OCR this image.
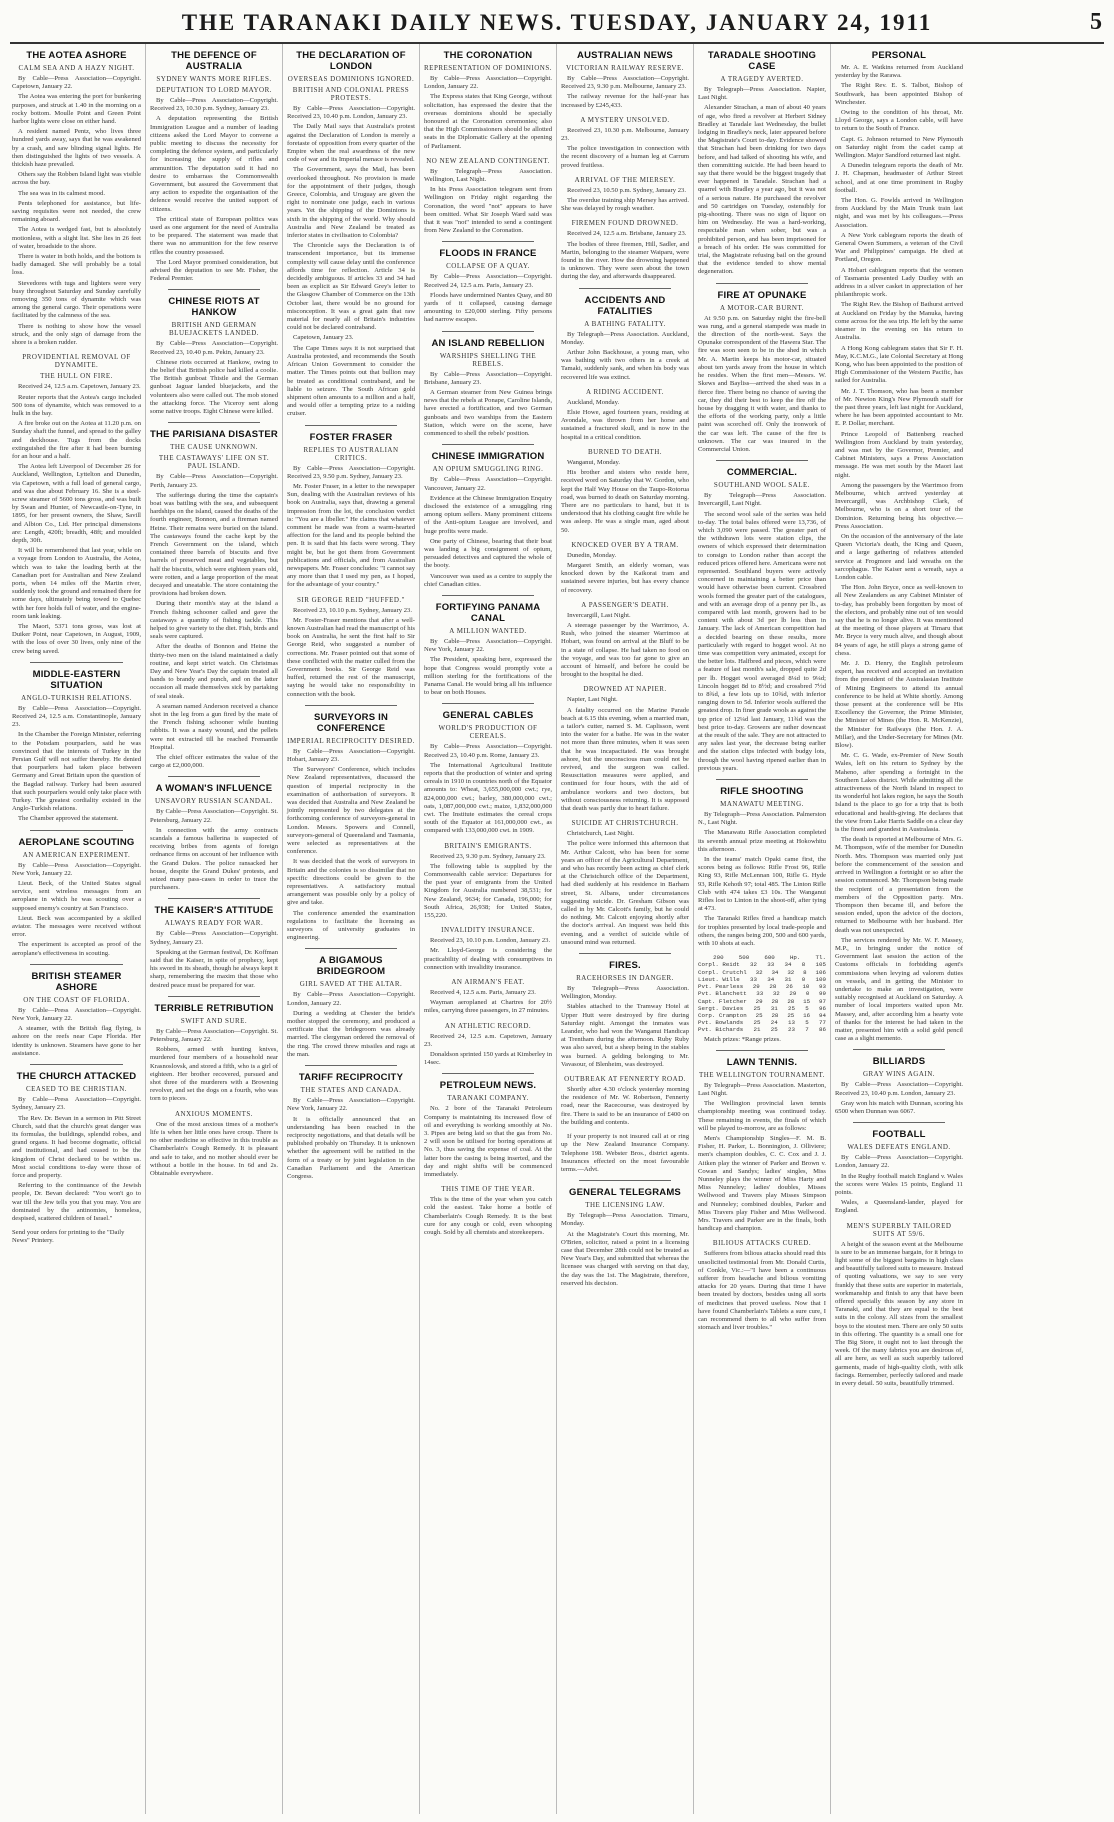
THE TARANAKI DAILY NEWS. TUESDAY, JANUARY 24, 1911	5
THE AOTEA ASHORE
CALM SEA AND A HAZY NIGHT.

By Cable—Press Association—Copyright. Capetown, January 22.

The Aotea was entering the port for bunkering purposes, and struck at 1.40 in the morning on a rocky bottom. Moulle Point and Green Point harbor lights were close on either hand.

A resident named Pentz, who lives three hundred yards away, says that he was awakened by a crash, and saw blinding signal lights. He then distinguished the lights of two vessels. A thickish haze prevailed.

Others say the Robben Island light was visible across the bay.

The sea was in its calmest mood.

Pents telephoned for assistance, but life-saving requisites were not needed, the crew remaining aboard.

The Aotea is wedged fast, but is absolutely motionless, with a slight list. She lies in 26 feet of water, broadside to the shore.

There is water in both holds, and the bottom is badly damaged. She will probably be a total loss.

Stevedores with tugs and lighters were very busy throughout Saturday and Sunday carefully removing 350 tons of dynamite which was among the general cargo. Their operations were facilitated by the calmness of the sea.

There is nothing to show how the vessel struck, and the only sign of damage from the shore is a broken rudder.

PROVIDENTIAL REMOVAL OF DYNAMITE.
THE HULL ON FIRE.

Received 24, 12.5 a.m. Capetown, January 23.

Reuter reports that the Aotea's cargo included 500 tons of dynamite, which was removed to a hulk in the bay.

A fire broke out on the Aotea at 11.20 p.m. on Sunday shaft the funnel, and spread to the galley and deckhouse. Tugs from the docks extinguished the fire after it had been burning for an hour and a half.

The Aotea left Liverpool of December 26 for Auckland, Wellington, Lyttelton and Dunedin, via Capetown, with a full load of general cargo, and was due about February 16. She is a steel-screw steamer of 5600 tons gross, and was built by Swan and Hunter, of Newcastle-on-Tyne, in 1895, for her present owners, the Shaw, Savill and Albion Co., Ltd. Her principal dimensions are: Length, 420ft; breadth, 48ft; and moulded depth, 30ft.

It will be remembered that last year, while on a voyage from London to Australia, the Aotea, which was to take the loading berth at the Canadian port for Australian and New Zealand ports, when 14 miles off the Martin river, suddenly took the ground and remained there for some days, ultimately being towed to Quebec with her fore holds full of water, and the engine-room tank leaking.

The Maori, 5371 tons gross, was lost at Duiker Point, near Capetown, in August, 1909, with the loss of over 30 lives, only nine of the crew being saved.

MIDDLE-EASTERN SITUATION
ANGLO-TURKISH RELATIONS.

By Cable—Press Association—Copyright. Received 24, 12.5 a.m. Constantinople, January 23.

In the Chamber the Foreign Minister, referring to the Potsdam pourparlers, said he was convinced that the interests of Turkey in the Persian Gulf will not suffer thereby. He denied that pourparlers had taken place between Germany and Great Britain upon the question of the Bagdad railway. Turkey had been assured that such pourparlers would only take place with Turkey. The greatest cordiality existed in the Anglo-Turkish relations.

The Chamber approved the statement.

AEROPLANE SCOUTING
AN AMERICAN EXPERIMENT.

By Cable—Press Association—Copyright. New York, January 22.

Lieut. Beck, of the United States signal service, sent wireless messages from an aeroplane in which he was scouting over a supposed enemy's country at San Francisco.

Lieut. Beck was accompanied by a skilled aviator. The messages were received without error.

The experiment is accepted as proof of the aeroplane's effectiveness in scouting.

BRITISH STEAMER ASHORE
ON THE COAST OF FLORIDA.

By Cable—Press Association—Copyright. New York, January 22.

A steamer, with the British flag flying, is ashore on the reefs near Cape Florida. Her identity is unknown. Steamers have gone to her assistance.

THE CHURCH ATTACKED
CEASED TO BE CHRISTIAN.

By Cable—Press Association—Copyright. Sydney, January 23.

The Rev. Dr. Bevan in a sermon in Pitt Street Church, said that the church's great danger was its formulas, the buildings, splendid robes, and grand organs. It had become dogmatic, official and institutional, and had ceased to be the kingdom of Christ declared to be within us. Most social conditions to-day were those of force and property.

Referring to the continuance of the Jewish people, Dr. Bevan declared: "You won't go to war till the Jew tells you that you may. You are dominated by the antinomies, homeless, despised, scattered children of Israel."

Send your orders for printing to the "Daily News" Printery.
THE DEFENCE OF AUSTRALIA
SYDNEY WANTS MORE RIFLES.
DEPUTATION TO LORD MAYOR.

By Cable—Press Association—Copyright. Received 23, 10.30 p.m. Sydney, January 23.

A deputation representing the British Immigration League and a number of leading citizens asked the Lord Mayor to convene a public meeting to discuss the necessity for completing the defence system, and particularly for increasing the supply of rifles and ammunition. The deputation said it had no desire to embarrass the Commonwealth Government, but assured the Government that any action to expedite the organisation of the defence would receive the united support of citizens.

The critical state of European politics was used as one argument for the need of Australia to be prepared. The statement was made that there was no ammunition for the few reserve rifles the country possessed.

The Lord Mayor promised consideration, but advised the deputation to see Mr. Fisher, the Federal Premier.

CHINESE RIOTS AT HANKOW
BRITISH AND GERMAN BLUEJACKETS LANDED.

By Cable—Press Association—Copyright. Received 23, 10.40 p.m. Pekin, January 23.

Chinese riots occurred at Hankow, owing to the belief that British police had killed a coolie. The British gunboat Thistle and the German gunboat Jaguar landed bluejackets, and the volunteers also were called out. The mob stoned the attacking force. The Viceroy sent along some native troops. Eight Chinese were killed.

THE PARISIANA DISASTER
THE CAUSE UNKNOWN.
THE CASTAWAYS' LIFE ON ST. PAUL ISLAND.

By Cable—Press Association—Copyright. Perth, January 23.

The sufferings during the time the captain's boat was battling with the sea, and subsequent hardships on the island, caused the deaths of the fourth engineer, Bonnon, and a fireman named Heine. Their remains were buried on the island. The castaways found the cache kept by the French Government on the island, which contained three barrels of biscuits and five barrels of preserved meat and vegetables, but half the biscuits, which were eighteen years old, were rotten, and a large proportion of the meat decayed and uneatable. The store containing the provisions had broken down.

During their month's stay at the island a French fishing schooner called and gave the castaways a quantity of fishing tackle. This helped to give variety to the diet. Fish, birds and seals were captured.

After the deaths of Bonnon and Heine the thirty-two men on the island maintained a daily routine, and kept strict watch. On Christmas Day and New Year's Day the captain treated all hands to brandy and punch, and on the latter occasion all made themselves sick by partaking of seal steak.

A seaman named Anderson received a chance shot in the leg from a gun fired by the mate of the French fishing schooner while hunting rabbits. It was a nasty wound, and the pellets were not extracted till he reached Fremantle Hospital.

The chief officer estimates the value of the cargo at £2,000,000.

A WOMAN'S INFLUENCE
UNSAVORY RUSSIAN SCANDAL.

By Cable—Press Association—Copyright. St. Petersburg, January 22.

In connection with the army contracts scandals a famous ballerina is suspected of receiving bribes from agents of foreign ordnance firms on account of her influence with the Grand Dukes. The police ransacked her house, despite the Grand Dukes' protests, and seized many pass-cases in order to trace the purchasers.

THE KAISER'S ATTITUDE
ALWAYS READY FOR WAR.

By Cable—Press Association—Copyright. Sydney, January 23.

Speaking at the German festival, Dr. Koffman said that the Kaiser, in spite of prophecy, kept his sword in its sheath, though he always kept it sharp, remembering the maxim that those who desired peace must be prepared for war.

TERRIBLE RETRIBUTION
SWIFT AND SURE.

By Cable—Press Association—Copyright. St. Petersburg, January 22.

Robbers, armed with hunting knives, murdered four members of a household near Krasnoslovsk, and stored a fifth, who is a girl of eighteen. Her brother recovered, pursued and shot three of the murderers with a Browning revolver, and set the dogs on a fourth, who was torn to pieces.

ANXIOUS MOMENTS.

One of the most anxious times of a mother's life is when her little ones have croup. There is no other medicine so effective in this trouble as Chamberlain's Cough Remedy. It is pleasant and safe to take, and no mother should ever be without a bottle in the house. In 6d and 2s. Obtainable everywhere.

THE DECLARATION OF LONDON
OVERSEAS DOMINIONS IGNORED.
BRITISH AND COLONIAL PRESS PROTESTS.

By Cable—Press Association—Copyright. Received 23, 10.40 p.m. London, January 23.

The Daily Mail says that Australia's protest against the Declaration of London is merely a foretaste of opposition from every quarter of the Empire when the real awardness of the new code of war and its Imperial menace is revealed.

The Government, says the Mail, has been overlooked throughout. No provision is made for the appointment of their judges, though Greece, Colombia, and Uruguay are given the right to nominate one judge, each in various years. Yet the shipping of the Dominions is sixth in the shipping of the world. Why should Australia and New Zealand be treated as inferior states in civilisation to Colombia?

The Chronicle says the Declaration is of transcendent importance, but its immense complexity will cause delay until the conference affords time for reflection. Article 34 is decidedly ambiguous. If articles 33 and 34 had been as explicit as Sir Edward Grey's letter to the Glasgow Chamber of Commerce on the 13th October last, there would be no ground for misconception. It was a great gain that raw material for nearly all of Britain's industries could not be declared contraband.

Capetown, January 23.

The Cape Times says it is not surprised that Australia protested, and recommends the South African Union Government to consider the matter. The Times points out that bullion may be treated as conditional contraband, and be liable to seizure. The South African gold shipment often amounts to a million and a half, and would offer a tempting prize to a raiding cruiser.

FOSTER FRASER
REPLIES TO AUSTRALIAN CRITICS.

By Cable—Press Association—Copyright. Received 23, 9.50 p.m. Sydney, January 23.

Mr. Foster Fraser, in a letter to the newspaper Sun, dealing with the Australian reviews of his book on Australia, says that, drawing a general impression from the lot, the conclusion verdict is: "You are a libeller." He claims that whatever comment he made was from a warm-hearted affection for the land and its people behind the pen. It is said that his facts were wrong. They might be, but he got them from Government publications and officials, and from Australian newspapers. Mr. Fraser concludes: "I cannot say any more than that I used my pen, as I hoped, for the advantage of your country."

SIR GEORGE REID "HUFFED."

Received 23, 10.10 p.m. Sydney, January 23.

Mr. Foster-Fraser mentions that after a well-known Australian had read the manuscript of his book on Australia, he sent the first half to Sir George Reid, who suggested a number of corrections. Mr. Fraser pointed out that some of these conflicted with the matter culled from the Government books. Sir George Reid was huffed, returned the rest of the manuscript, saying he would take no responsibility in connection with the book.

SURVEYORS IN CONFERENCE
IMPERIAL RECIPROCITY DESIRED.

By Cable—Press Association—Copyright. Hobart, January 23.

The Surveyors' Conference, which includes New Zealand representatives, discussed the question of imperial reciprocity in the examination of authorisation of surveyors. It was decided that Australia and New Zealand be jointly represented by two delegates at the forthcoming conference of surveyors-general in London. Messrs. Spowers and Connell, surveyors-general of Queensland and Tasmania, were selected as representatives at the conference.

It was decided that the work of surveyors in Britain and the colonies is so dissimilar that no specific directions could be given to the representatives. A satisfactory mutual arrangement was possible only by a policy of give and take.

The conference amended the examination regulations to facilitate the licensing as surveyors of university graduates in engineering.

A BIGAMOUS BRIDEGROOM
GIRL SAVED AT THE ALTAR.

By Cable—Press Association—Copyright. London, January 22.

During a wedding at Chester the bride's mother stopped the ceremony, and produced a certificate that the bridegroom was already married. The clergyman ordered the removal of the ring. The crowd threw missiles and rags at the man.

TARIFF RECIPROCITY
THE STATES AND CANADA.

By Cable—Press Association—Copyright. New York, January 22.

It is officially announced that an understanding has been reached in the reciprocity negotiations, and that details will be published probably on Thursday. It is unknown whether the agreement will be ratified in the form of a treaty or by joint legislation in the Canadian Parliament and the American Congress.

THE CORONATION
REPRESENTATION OF DOMINIONS.

By Cable—Press Association—Copyright. London, January 22.

The Express states that King George, without solicitation, has expressed the desire that the overseas dominions should be specially honoured at the Coronation ceremonies; also that the High Commissioners should be allotted seats in the Diplomatic Gallery at the opening of Parliament.

NO NEW ZEALAND CONTINGENT.

By Telegraph—Press Association. Wellington, Last Night.

In his Press Association telegram sent from Wellington on Friday night regarding the Coronation, the word "not" appears to have been omitted. What Sir Joseph Ward said was that it was "not" intended to send a contingent from New Zealand to the Coronation.

FLOODS IN FRANCE
COLLAPSE OF A QUAY.

By Cable—Press Association—Copyright. Received 24, 12.5 a.m. Paris, January 23.

Floods have undermined Nantes Quay, and 80 yards of it collapsed, causing damage amounting to £20,000 sterling. Fifty persons had narrow escapes.

AN ISLAND REBELLION
WARSHIPS SHELLING THE REBELS.

By Cable—Press Association—Copyright. Brisbane, January 23.

A German steamer from New Guinea brings news that the rebels at Ponape, Caroline Islands, have erected a fortification, and two German gunboats and two warships from the Eastern Station, which were on the scene, have commenced to shell the rebels' position.

CHINESE IMMIGRATION
AN OPIUM SMUGGLING RING.

By Cable—Press Association—Copyright. Vancouver, January 22.

Evidence at the Chinese Immigration Enquiry disclosed the existence of a smuggling ring among opium sellers. Many prominent citizens of the Anti-opium League are involved, and huge profits were made.

One party of Chinese, bearing that their boat was landing a big consignment of opium, persuaded detectives and captured the whole of the booty.

Vancouver was used as a centre to supply the chief Canadian cities.

FORTIFYING PANAMA CANAL
A MILLION WANTED.

By Cable—Press Association—Copyright. New York, January 22.

The President, speaking here, expressed the hope that Congress would promptly vote a million sterling for the fortifications of the Panama Canal. He would bring all his influence to bear on both Houses.

GENERAL CABLES
WORLD'S PRODUCTION OF CEREALS.

By Cable—Press Association—Copyright. Received 23, 10.40 p.m. Rome, January 23.

The International Agricultural Institute reports that the production of winter and spring cereals in 1910 in countries north of the Equator amounts to: Wheat, 3,655,000,000 cwt.; rye, 824,000,000 cwt.; barley, 380,000,000 cwt.; oats, 1,087,000,000 cwt.; maize, 1,832,000,000 cwt. The Institute estimates the cereal crops south of the Equator at 161,000,000 cwt., as compared with 133,000,000 cwt. in 1909.

BRITAIN'S EMIGRANTS.

Received 23, 9.30 p.m. Sydney, January 23.

The following table is supplied by the Commonwealth cable service: Departures for the past year of emigrants from the United Kingdom for Australia numbered 38,531; for New Zealand, 9634; for Canada, 196,000; for South Africa, 26,938; for United States, 155,220.

INVALIDITY INSURANCE.

Received 23, 10.10 p.m. London, January 23.

Mr. Lloyd-George is considering the practicability of dealing with consumptives in connection with invalidity insurance.

AN AIRMAN'S FEAT.

Received 4, 12.5 a.m. Paris, January 23.

Wayman aeroplaned at Chartres for 20½ miles, carrying three passengers, in 27 minutes.

AN ATHLETIC RECORD.

Received 24, 12.5 a.m. Capetown, January 23.

Donaldson sprinted 150 yards at Kimberley in 14sec.

PETROLEUM NEWS.
TARANAKI COMPANY.

No. 2 bore of the Taranaki Petroleum Company is maintaining its increased flow of oil and everything is working smoothly at No. 3. Pipes are being laid so that the gas from No. 2 will soon be utilised for boring operations at No. 3, thus saving the expense of coal. At the latter bore the casing is being inserted, and the day and night shifts will be commenced immediately.

THIS TIME OF THE YEAR.

This is the time of the year when you catch cold the easiest. Take home a bottle of Chamberlain's Cough Remedy. It is the best cure for any cough or cold, even whooping cough. Sold by all chemists and storekeepers.

AUSTRALIAN NEWS
VICTORIAN RAILWAY RESERVE.

By Cable—Press Association—Copyright. Received 23, 9.30 p.m. Melbourne, January 23.

The railway revenue for the half-year has increased by £245,433.

A MYSTERY UNSOLVED.

Received 23, 10.30 p.m. Melbourne, January 23.

The police investigation in connection with the recent discovery of a human leg at Carrum proved fruitless.

ARRIVAL OF THE MIERSEY.

Received 23, 10.50 p.m. Sydney, January 23.

The overdue training ship Mersey has arrived. She was delayed by rough weather.

FIREMEN FOUND DROWNED.

Received 24, 12.5 a.m. Brisbane, January 23.

The bodies of three firemen, Hill, Sadler, and Martin, belonging to the steamer Waiparu, were found in the river. How the drowning happened is unknown. They were seen about the town during the day, and afterwards disappeared.

ACCIDENTS AND FATALITIES
A BATHING FATALITY.

By Telegraph—Press Association. Auckland, Monday.

Arthur John Backhouse, a young man, who was bathing with two others in a creek at Tamaki, suddenly sank, and when his body was recovered life was extinct.

A RIDING ACCIDENT.

Auckland, Monday.

Elsie Howe, aged fourteen years, residing at Avondale, was thrown from her horse and sustained a fractured skull, and is now in the hospital in a critical condition.

BURNED TO DEATH.

Wanganui, Monday.

His brother and sisters who reside here, received word on Saturday that W. Gordon, who kept the Half Way House on the Taupo-Rotorua road, was burned to death on Saturday morning. There are no particulars to hand, but it is understood that his clothing caught fire while he was asleep. He was a single man, aged about 50.

KNOCKED OVER BY A TRAM.

Dunedin, Monday.

Margaret Smith, an elderly woman, was knocked down by the Kaikorai tram and sustained severe injuries, but has every chance of recovery.

A PASSENGER'S DEATH.

Invercargill, Last Night.

A steerage passenger by the Warrimoo, A. Rush, who joined the steamer Warrimoo at Hobart, was found on arrival at the Bluff to be in a state of collapse. He had taken no food on the voyage, and was too far gone to give an account of himself, and before he could be brought to the hospital he died.

DROWNED AT NAPIER.

Napier, Last Night.

A fatality occurred on the Marine Parade beach at 6.15 this evening, when a married man, a tailor's cutter, named S. M. Caplisson, went into the water for a bathe. He was in the water not more than three minutes, when it was seen that he was incapacitated. He was brought ashore, but the unconscious man could not be revived, and the surgeon was called. Resuscitation measures were applied, and continued for four hours, with the aid of ambulance workers and two doctors, but without consciousness returning. It is supposed that death was partly due to heart failure.

SUICIDE AT CHRISTCHURCH.

Christchurch, Last Night.

The police were informed this afternoon that Mr. Arthur Calcott, who has been for some years an officer of the Agricultural Department, and who has recently been acting as chief clerk at the Christchurch office of the Department, had died suddenly at his residence in Barham street, St. Albans, under circumstances suggesting suicide. Dr. Gresham Gibson was called in by Mr. Calcott's family, but he could do nothing. Mr. Calcott enjoying shortly after the doctor's arrival. An inquest was held this evening, and a verdict of suicide while of unsound mind was returned.

FIRES.
RACEHORSES IN DANGER.

By Telegraph—Press Association. Wellington, Monday.

Stables attached to the Tramway Hotel at Upper Hutt were destroyed by fire during Saturday night. Amongst the inmates was Leander, who had won the Wanganui Handicap at Trentham during the afternoon. Ruby Ruby was also saved, but a sheep being in the stables was burned. A gelding belonging to Mr. Vavasour, of Blenheim, was destroyed.

OUTBREAK AT FENNERTY ROAD.

Shortly after 4.30 o'clock yesterday morning the residence of Mr. W. Robertson, Fennerty road, near the Racecourse, was destroyed by fire. There is said to be an insurance of £400 on the building and contents.

If your property is not insured call at or ring up the New Zealand Insurance Company. Telephone 198. Webster Bros., district agents. Insurances effected on the most favourable terms.—Advt.

GENERAL TELEGRAMS
THE LICENSING LAW.

By Telegraph—Press Association. Timaru, Monday.

At the Magistrate's Court this morning, Mr. O'Brien, solicitor, raised a point in a licensing case that December 28th could not be treated as New Year's Day, and submitted that whereas the licensee was charged with serving on that day, the day was the 1st. The Magistrate, therefore, reserved his decision.

TARADALE SHOOTING CASE
A TRAGEDY AVERTED.

By Telegraph—Press Association. Napier, Last Night.

Alexander Strachan, a man of about 40 years of age, who fired a revolver at Herbert Sidney Bradley at Taradale last Wednesday, the bullet lodging in Bradley's neck, later appeared before the Magistrate's Court to-day. Evidence showed that Strachan had been drinking for two days before, and had talked of shooting his wife, and then committing suicide. He had been heard to say that there would be the biggest tragedy that ever happened in Taradale. Strachan had a quarrel with Bradley a year ago, but it was not of a serious nature. He purchased the revolver and 50 cartridges on Tuesday, ostensibly for pig-shooting. There was no sign of liquor on him on Wednesday. He was a hard-working, respectable man when sober, but was a prohibited person, and has been imprisoned for a breach of his order. He was committed for trial, the Magistrate refusing bail on the ground that the evidence tended to show mental degeneration.

FIRE AT OPUNAKE
A MOTOR-CAR BURNT.

At 9.50 p.m. on Saturday night the fire-bell was rung, and a general stampede was made in the direction of the north-west. Says the Opunake correspondent of the Hawera Star. The fire was soon seen to be in the shed in which Mr. A. Martin keeps his motor-car, situated about ten yards away from the house in which he resides. When the first men—Messrs. W. Skews and Bayliss—arrived the shed was in a fierce fire. There being no chance of saving the car, they did their best to keep the fire off the house by dragging it with water, and thanks to the efforts of the working party, only a little paint was scorched off. Only the ironwork of the car was left. The cause of the fire is unknown. The car was insured in the Commercial Union.

COMMERCIAL.
SOUTHLAND WOOL SALE.

By Telegraph—Press Association. Invercargill, Last Night.

The second wool sale of the series was held to-day. The total bales offered were 13,736, of which 3,090 were passed. The greater part of the withdrawn lots were station clips, the owners of which expressed their determination to consign to London rather than accept the reduced prices offered here. Americans were not represented. Southland buyers were actively concerned in maintaining a better price than would have otherwise been current. Crossbred wools formed the greater part of the catalogues, and with an average drop of a penny per lb., as compared with last month, growers had to be content with about 3d per lb less than in January. The lack of American competition had a decided bearing on these results, more particularly with regard to hogget wool. At no time was competition very animated, except for the better lots. Halfbred and pieces, which were a feature of last month's sale, dropped quite 2d per lb. Hogget wool averaged 8¼d to 9¼d; Lincoln hogget 8d to 8½d; and crossbred 7½d to 8¾d, a few lots up to 10¾d, with inferior ranging down to 5d. Inferior wools suffered the greatest drop. In finer grade wools as against the top price of 12¼d last January, 11¾d was the best price to-day. Growers are rather downcast at the result of the sale. They are not attracted to any sales last year, the decrease being earlier and the station clips infected with budgy lots, through the wool having ripened earlier than in previous years.

RIFLE SHOOTING
MANAWATU MEETING.

By Telegraph—Press Association. Palmerston N., Last Night.

The Manawatu Rifle Association completed its seventh annual prize meeting at Hokowhitu this afternoon.

In the teams' match Opaki came first, the scores being as follows: Rifle Frost 96, Rifle King 93, Rifle McLennan 100, Rifle G. Hyde 93, Rifle Kehoth 97; total 485. The Linton Rifle Club with 474 takes £3 10s. The Wanganui Rifles lost to Linton in the shoot-off, after tying at 473.

The Taranaki Rifles fired a handicap match for trophies presented by local trade-people and others, the ranges being 200, 500 and 600 yards, with 10 shots at each.

200	500	600	Hp.	Tl.
Corpl. Reidt 32 33 34 8 105
Corpl. Crutchl 32 34 32 8 106
Lieut. Wille 33 34 31 0 100
Pvt. Pearless 29 28 26 10 93
Pvt. Blanchett 33 32 29 0 99
Capt. Fletcher 29 28 28 15 97
Sergt. Davies 25 31 25 5 96
Corp. Crampton 25 28 25 16 94
Pvt. Bowlands 25 24 13 5 77
Pvt. Bichards 21 25 23 7 86

Match prizes: *Range prizes.

LAWN TENNIS.
THE WELLINGTON TOURNAMENT.

By Telegraph—Press Association. Masterton, Last Night.

The Wellington provincial lawn tennis championship meeting was continued today. These remaining in events, the finals of which will be played to-morrow, are as follows:

Men's Championship Singles—F. M. B. Fisher, H. Parker, L. Bonnington, J. Olliviere; men's champion doubles, C. C. Cox and J. J. Aitken play the winner of Parker and Brown v. Cowan and Sandys; ladies' singles, Miss Nunneley plays the winner of Miss Harty and Miss Nunneley; ladies' doubles, Misses Wellwood and Travers play Misses Simpson and Nunneley; combined doubles, Parker and Miss Travers play Fisher and Miss Wellwood. Mrs. Travers and Parker are in the finals, both handicap and champion.

BILIOUS ATTACKS CURED.

Sufferers from bilious attacks should read this unsolicited testimonial from Mr. Donald Curtis, of Conkle, Vic.:—"I have been a continuous sufferer from headache and bilious vomiting attacks for 20 years. During that time I have been treated by doctors, besides using all sorts of medicines that proved useless. Now that I have found Chamberlain's Tablets a sure cure, I can recommend them to all who suffer from stomach and liver troubles."

PERSONAL

Mr. A. E. Watkins returned from Auckland yesterday by the Rarawa.

The Right Rev. E. S. Talbot, Bishop of Southwark, has been appointed Bishop of Winchester.

Owing to the condition of his throat, Mr. Lloyd George, says a London cable, will have to return to the South of France.

Capt. G. Johnson returned to New Plymouth on Saturday night from the cadet camp at Wellington. Major Sandford returned last night.

A Dunedin telegram reports the death of Mr. J. H. Chapman, headmaster of Arthur Street school, and at one time prominent in Rugby football.

The Hon. G. Fowlds arrived in Wellington from Auckland by the Main Trunk train last night, and was met by his colleagues.—Press Association.

A New York cablegram reports the death of General Owen Summers, a veteran of the Civil War and Philippines' campaign. He died at Portland, Oregon.

A Hobart cablegram reports that the women of Tasmania presented Lady Dudley with an address in a silver casket in appreciation of her philanthropic work.

The Right Rev. the Bishop of Bathurst arrived at Auckland on Friday by the Manuka, having come across for the sea trip. He left by the same steamer in the evening on his return to Australia.

A Hong Kong cablegram states that Sir F. H. May, K.C.M.G., late Colonial Secretary at Hong Kong, who has been appointed to the position of High Commissioner of the Western Pacific, has sailed for Australia.

Mr. J. T. Thomson, who has been a member of Mr. Newton King's New Plymouth staff for the past three years, left last night for Auckland, where he has been appointed accountant to Mr. E. P. Dollar, merchant.

Prince Leopold of Battenberg reached Wellington from Auckland by train yesterday, and was met by the Governor, Premier, and Cabinet Ministers, says a Press Association message. He was met south by the Maori last night.

Among the passengers by the Warrimoo from Melbourne, which arrived yesterday at Invercargill, was Archbishop Clark, of Melbourne, who is on a short tour of the Dominion. Returning being his objective.—Press Association.

On the occasion of the anniversary of the late Queen Victoria's death, the King and Queen, and a large gathering of relatives attended service at Frogmore and laid wreaths on the sarcophagus. The Kaiser sent a wreath, says a London cable.

The Hon. John Bryce, once as well-known to all New Zealanders as any Cabinet Minister of to-day, has probably been forgotten by most of the electors, and probably nine out of ten would say that he is no longer alive. It was mentioned at the meeting of those players at Timaru that Mr. Bryce is very much alive, and though about 84 years of age, he still plays a strong game of chess.

Mr. J. D. Henry, the English petroleum expert, has received and accepted an invitation from the president of the Australasian Institute of Mining Engineers to attend its annual conference to be held at White shortly. Among those present at the conference will be His Excellency the Governor, the Prime Minister, the Minister of Mines (the Hon. R. McKenzie), the Minister for Railways (the Hon. J. A. Millar), and the Under-Secretary for Mines (Mr. Blow).

Mr. C. G. Wade, ex-Premier of New South Wales, left on his return to Sydney by the Maheno, after spending a fortnight in the Southern Lakes district. While admitting all the attractiveness of the North Island in respect to its wonderful hot lakes region, he says the South Island is the place to go for a trip that is both educational and health-giving. He declares that the view from Lake Harris Saddle on a clear day is the finest and grandest in Australasia.

The death is reported at Melbourne of Mrs. G. M. Thompson, wife of the member for Dunedin North. Mrs. Thompson was married only just before the commencement of the session and arrived in Wellington a fortnight or so after the session commenced. Mr. Thompson being made the recipient of a presentation from the members of the Opposition party. Mrs. Thompson then became ill, and before the session ended, upon the advice of the doctors, returned to Melbourne with her husband. Her death was not unexpected.

The services rendered by Mr. W. F. Massey, M.P., in bringing under the notice of Government last session the action of the Customs officials in forbidding agent's commissions when levying ad valorem duties on vessels, and in getting the Minister to undertake to make an investigation, were suitably recognised at Auckland on Saturday. A number of local importers waited upon Mr. Massey, and, after according him a hearty vote of thanks for the interest he had taken in the matter, presented him with a solid gold pencil case as a slight memento.

BILLIARDS
GRAY WINS AGAIN.

By Cable—Press Association—Copyright. Received 23, 10.40 p.m. London, January 23.

Gray won his match with Dunnan, scoring his 6500 when Dunnan was 6067.

FOOTBALL
WALES DEFEATS ENGLAND.

By Cable—Press Association—Copyright. London, January 22.

In the Rugby football match England v. Wales the scores were Wales 15 points, England 11 points.

Wales, a Queensland-lander, played for England.

MEN'S SUPERBLY TAILORED SUITS AT 59/6.

A height of the season event at the Melbourne is sure to be an immense bargain, for it brings to light some of the biggest bargains in high class and beautifully tailored suits to measure. Instead of quoting valuations, we say to see very frankly that these suits are superior in materials, workmanship and finish to any that have been offered specially this season by any store in Taranaki, and that they are equal to the best suits in the colony. All sizes from the smallest boys to the stoutest men. There are only 50 suits in this offering. The quantity is a small one for The Big Store, it ought not to last through the week. Of the many fabrics you are desirous of, all are here, as well as such superbly tailored garments, made of high-quality cloth, with silk facings. Remember, perfectly tailored and made in every detail. 50 suits, beautifully trimmed.
